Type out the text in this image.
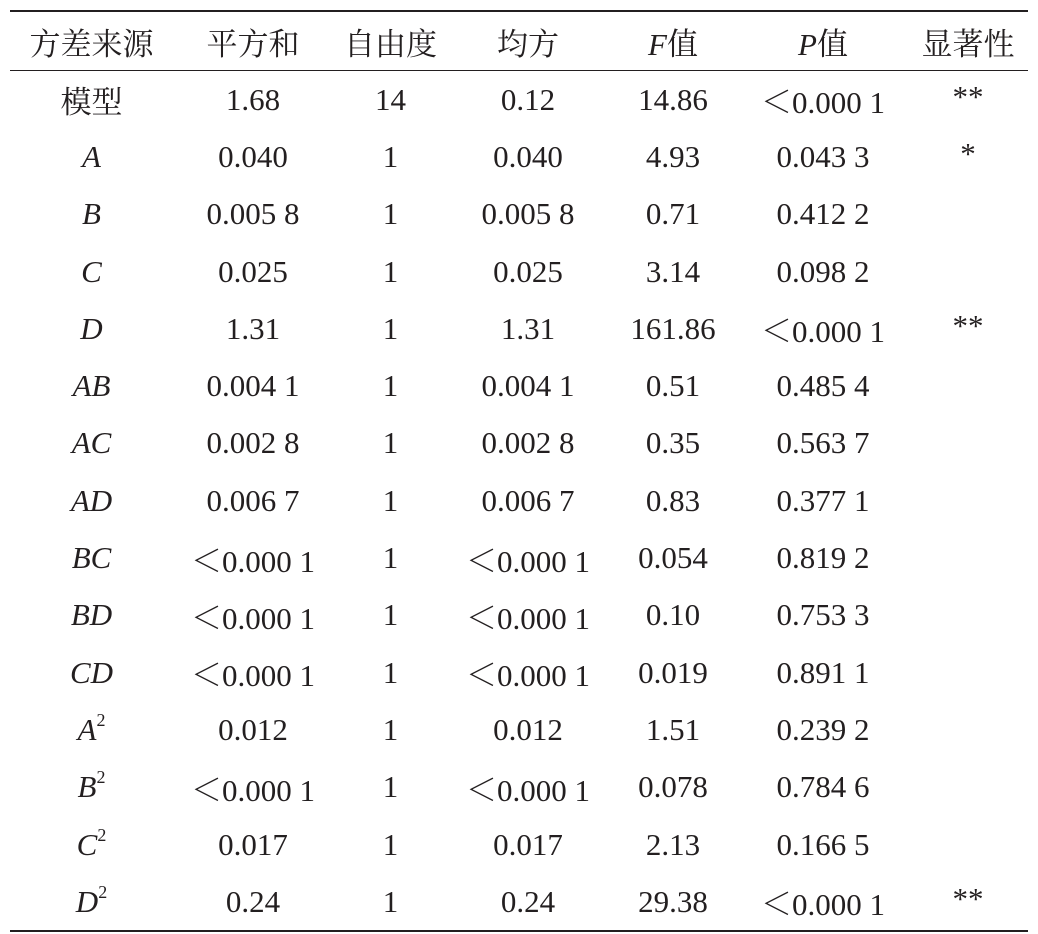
方差来源	平方和	自由度	均方	F值	P值	显著性
模型	1.68	14	0.12	14.86	＜0.000 1	**
A	0.040	1	0.040	4.93	0.043 3	*
B	0.005 8	1	0.005 8	0.71	0.412 2	
C	0.025	1	0.025	3.14	0.098 2	
D	1.31	1	1.31	161.86	＜0.000 1	**
AB	0.004 1	1	0.004 1	0.51	0.485 4	
AC	0.002 8	1	0.002 8	0.35	0.563 7	
AD	0.006 7	1	0.006 7	0.83	0.377 1	
BC	＜0.000 1	1	＜0.000 1	0.054	0.819 2	
BD	＜0.000 1	1	＜0.000 1	0.10	0.753 3	
CD	＜0.000 1	1	＜0.000 1	0.019	0.891 1	
$A^2$	0.012	1	0.012	1.51	0.239 2	
$B^2$	＜0.000 1	1	＜0.000 1	0.078	0.784 6	
$C^2$	0.017	1	0.017	2.13	0.166 5	
$D^2$	0.24	1	0.24	29.38	＜0.000 1	**
